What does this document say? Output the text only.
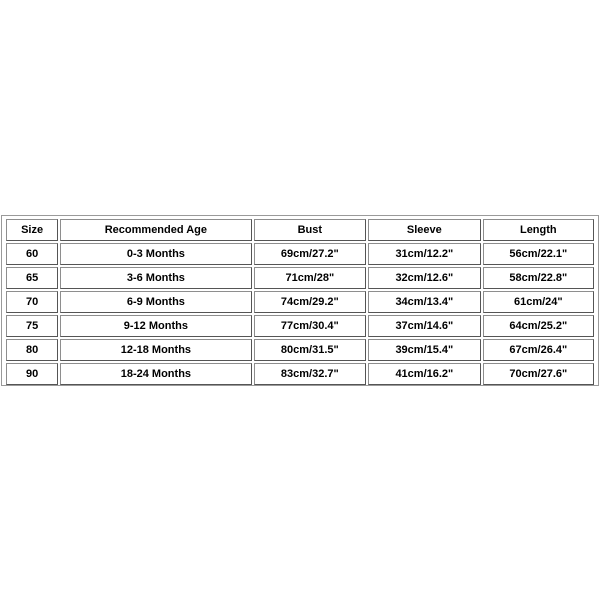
Size	Recommended Age	Bust	Sleeve	Length
60	0-3 Months	69cm/27.2"	31cm/12.2"	56cm/22.1"
65	3-6 Months	71cm/28"	32cm/12.6"	58cm/22.8"
70	6-9 Months	74cm/29.2"	34cm/13.4"	61cm/24"
75	9-12 Months	77cm/30.4"	37cm/14.6"	64cm/25.2"
80	12-18 Months	80cm/31.5"	39cm/15.4"	67cm/26.4"
90	18-24 Months	83cm/32.7"	41cm/16.2"	70cm/27.6"
